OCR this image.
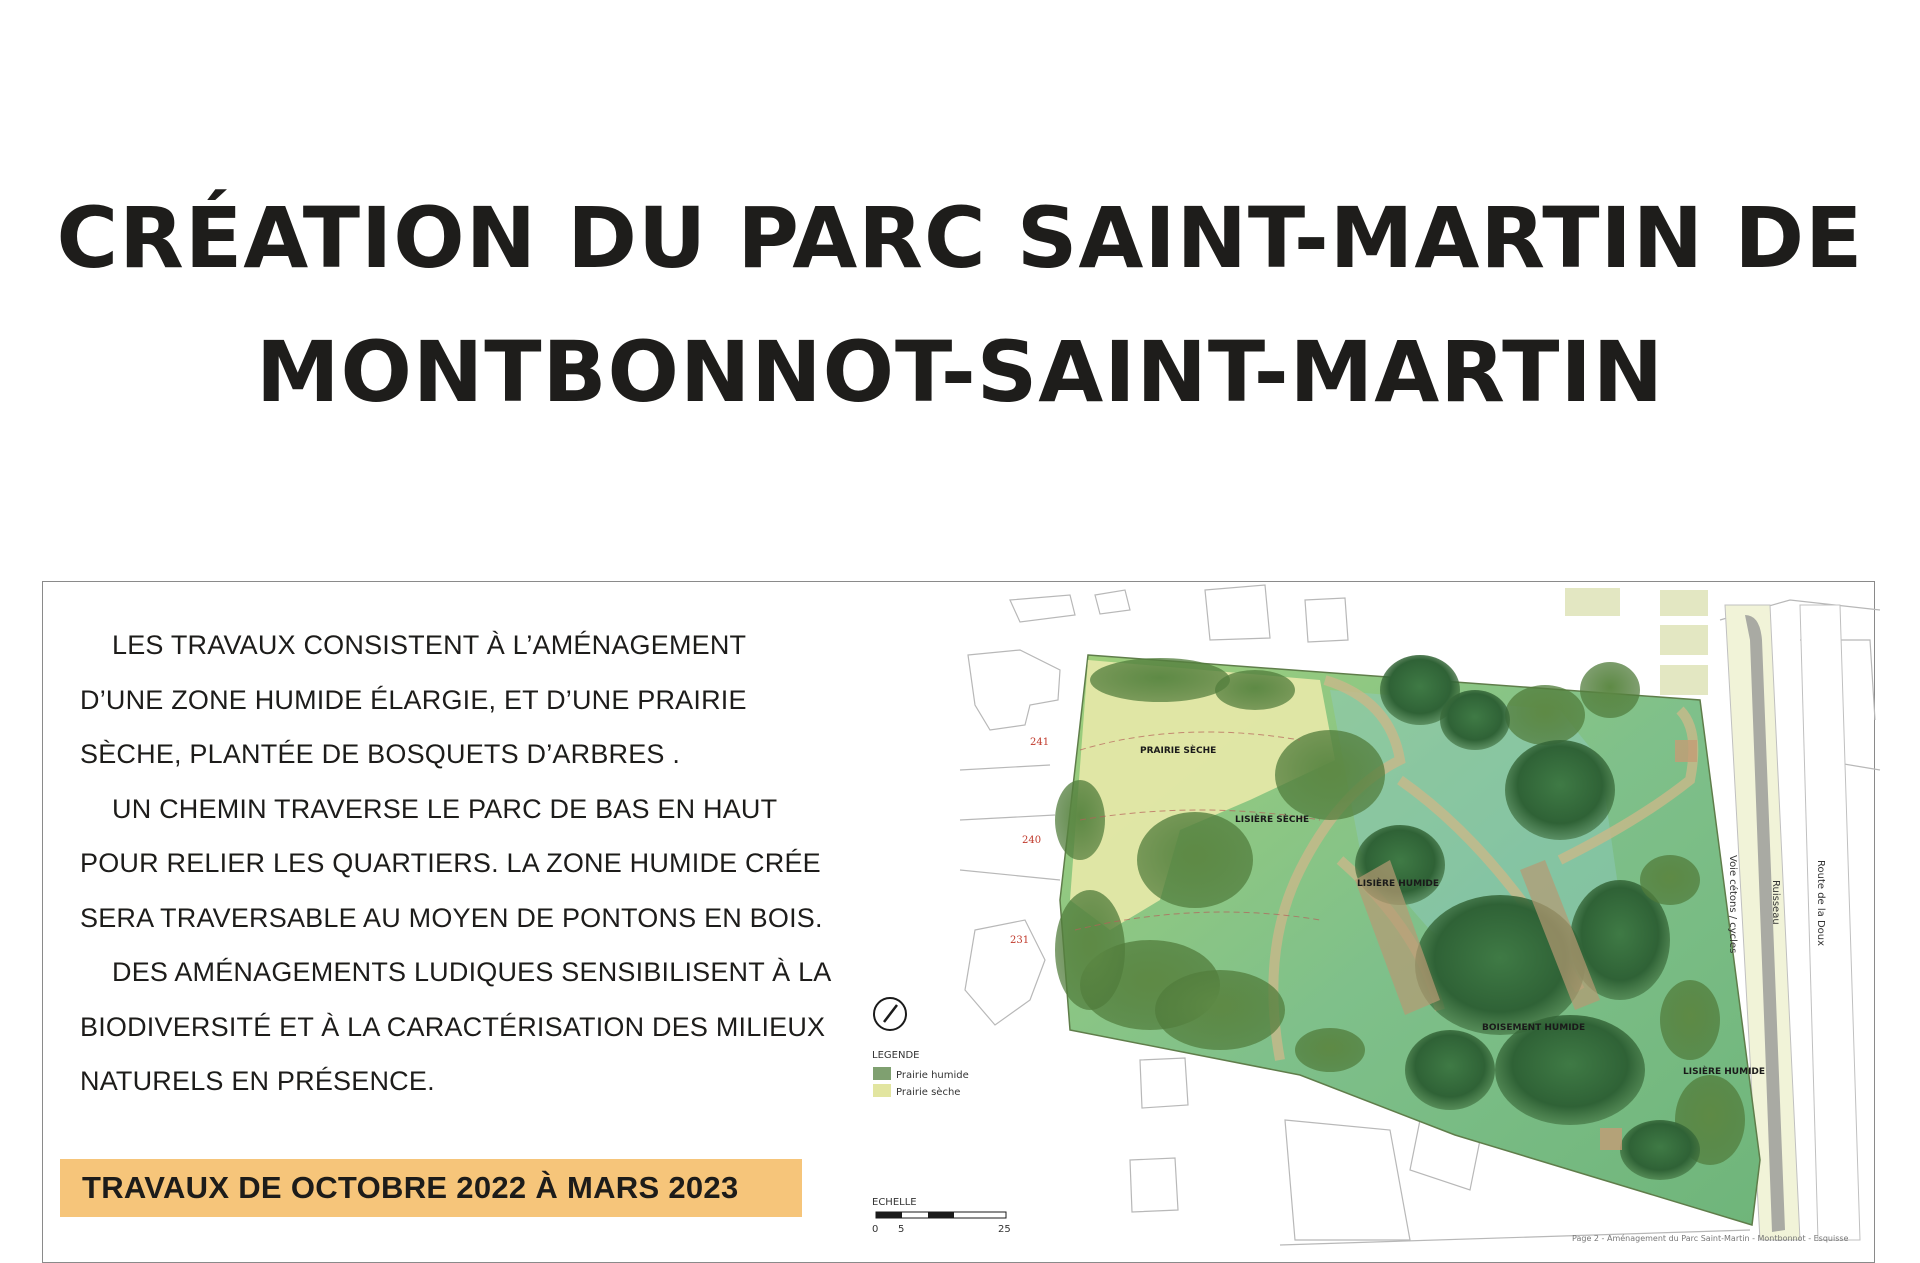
CRÉATION DU PARC SAINT-MARTIN DE
MONTBONNOT-SAINT-MARTIN

LES TRAVAUX CONSISTENT À L’AMÉNAGEMENT

D’UNE ZONE HUMIDE ÉLARGIE, ET D’UNE PRAIRIE

SÈCHE, PLANTÉE DE BOSQUETS D’ARBRES .

UN CHEMIN TRAVERSE LE PARC DE BAS EN HAUT

POUR RELIER LES QUARTIERS. LA ZONE HUMIDE CRÉE

SERA TRAVERSABLE AU MOYEN DE PONTONS EN BOIS.

DES AMÉNAGEMENTS LUDIQUES SENSIBILISENT À LA

BIODIVERSITÉ ET À LA CARACTÉRISATION DES MILIEUX

NATURELS EN PRÉSENCE.

TRAVAUX DE OCTOBRE 2022 À MARS 2023
PRAIRIE SÈCHE
LISIÈRE SÈCHE
LISIÈRE HUMIDE
BOISEMENT HUMIDE
LISIÈRE HUMIDE
Voie cétons / cycles	Ruisseau	Route de la Doux
241
240
231
LEGENDE
Prairie humide
Prairie sèche
ECHELLE
0 5	25
Page 2 - Aménagement du Parc Saint-Martin - Montbonnot - Esquisse
